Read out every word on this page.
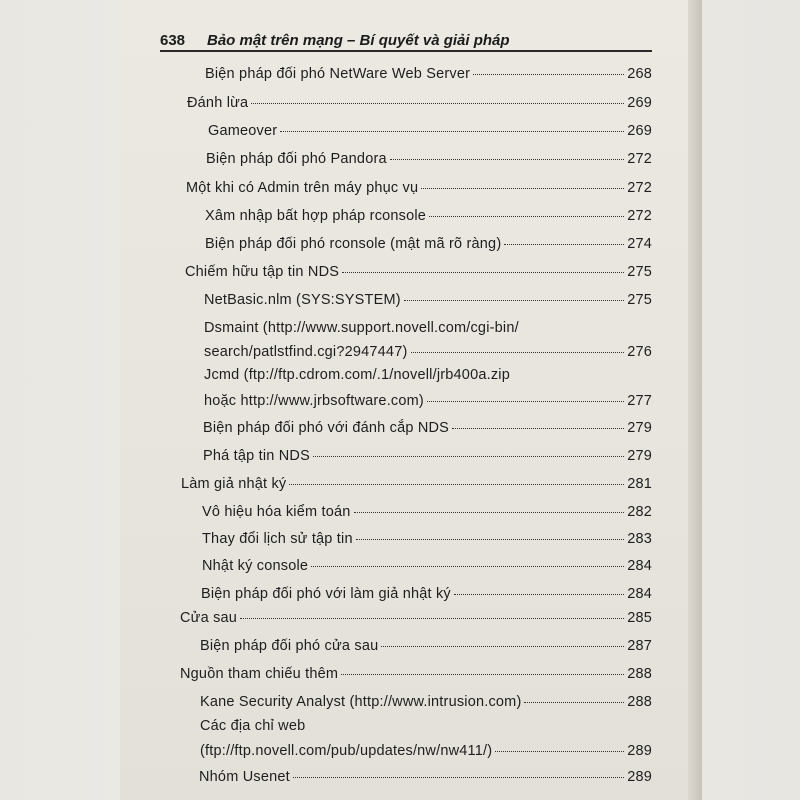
638 Bảo mật trên mạng – Bí quyết và giải pháp
Biện pháp đối phó NetWare Web Server	268
Đánh lừa	269
Gameover	269
Biện pháp đối phó Pandora	272
Một khi có Admin trên máy phục vụ	272
Xâm nhập bất hợp pháp rconsole	272
Biện pháp đối phó rconsole (mật mã rõ ràng)	274
Chiếm hữu tập tin NDS	275
NetBasic.nlm (SYS:SYSTEM)	275
Dsmaint (http://www.support.novell.com/cgi-bin/
search/patlstfind.cgi?2947447)	276
Jcmd (ftp://ftp.cdrom.com/.1/novell/jrb400a.zip
hoặc http://www.jrbsoftware.com)	277
Biện pháp đối phó với đánh cắp NDS	279
Phá tập tin NDS	279
Làm giả nhật ký	281
Vô hiệu hóa kiểm toán	282
Thay đổi lịch sử tập tin	283
Nhật ký console	284
Biện pháp đối phó với làm giả nhật ký	284
Cửa sau	285
Biện pháp đối phó cửa sau	287
Nguồn tham chiếu thêm	288
Kane Security Analyst (http://www.intrusion.com)	288
Các địa chỉ web
(ftp://ftp.novell.com/pub/updates/nw/nw411/)	289
Nhóm Usenet	289
